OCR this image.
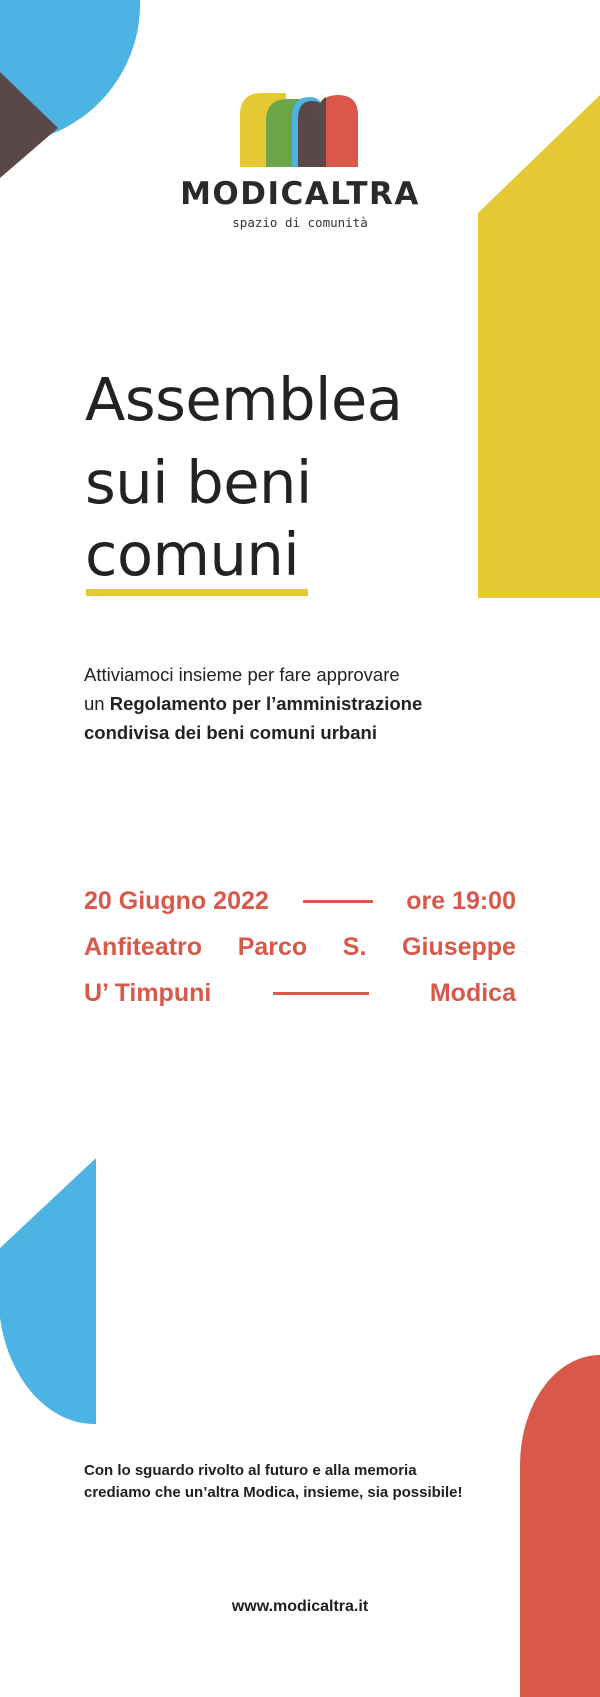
MODICALTRA
spazio di comunità
Assemblea
sui beni
comuni
Attiviamoci insieme per fare approvare
un Regolamento per l’amministrazione
condivisa dei beni comuni urbani
20 Giugno 2022	ore 19:00
Anfiteatro Parco S. Giuseppe
U’ Timpuni	Modica
Con lo sguardo rivolto al futuro e alla memoria
crediamo che un’altra Modica, insieme, sia possibile!
www.modicaltra.it
